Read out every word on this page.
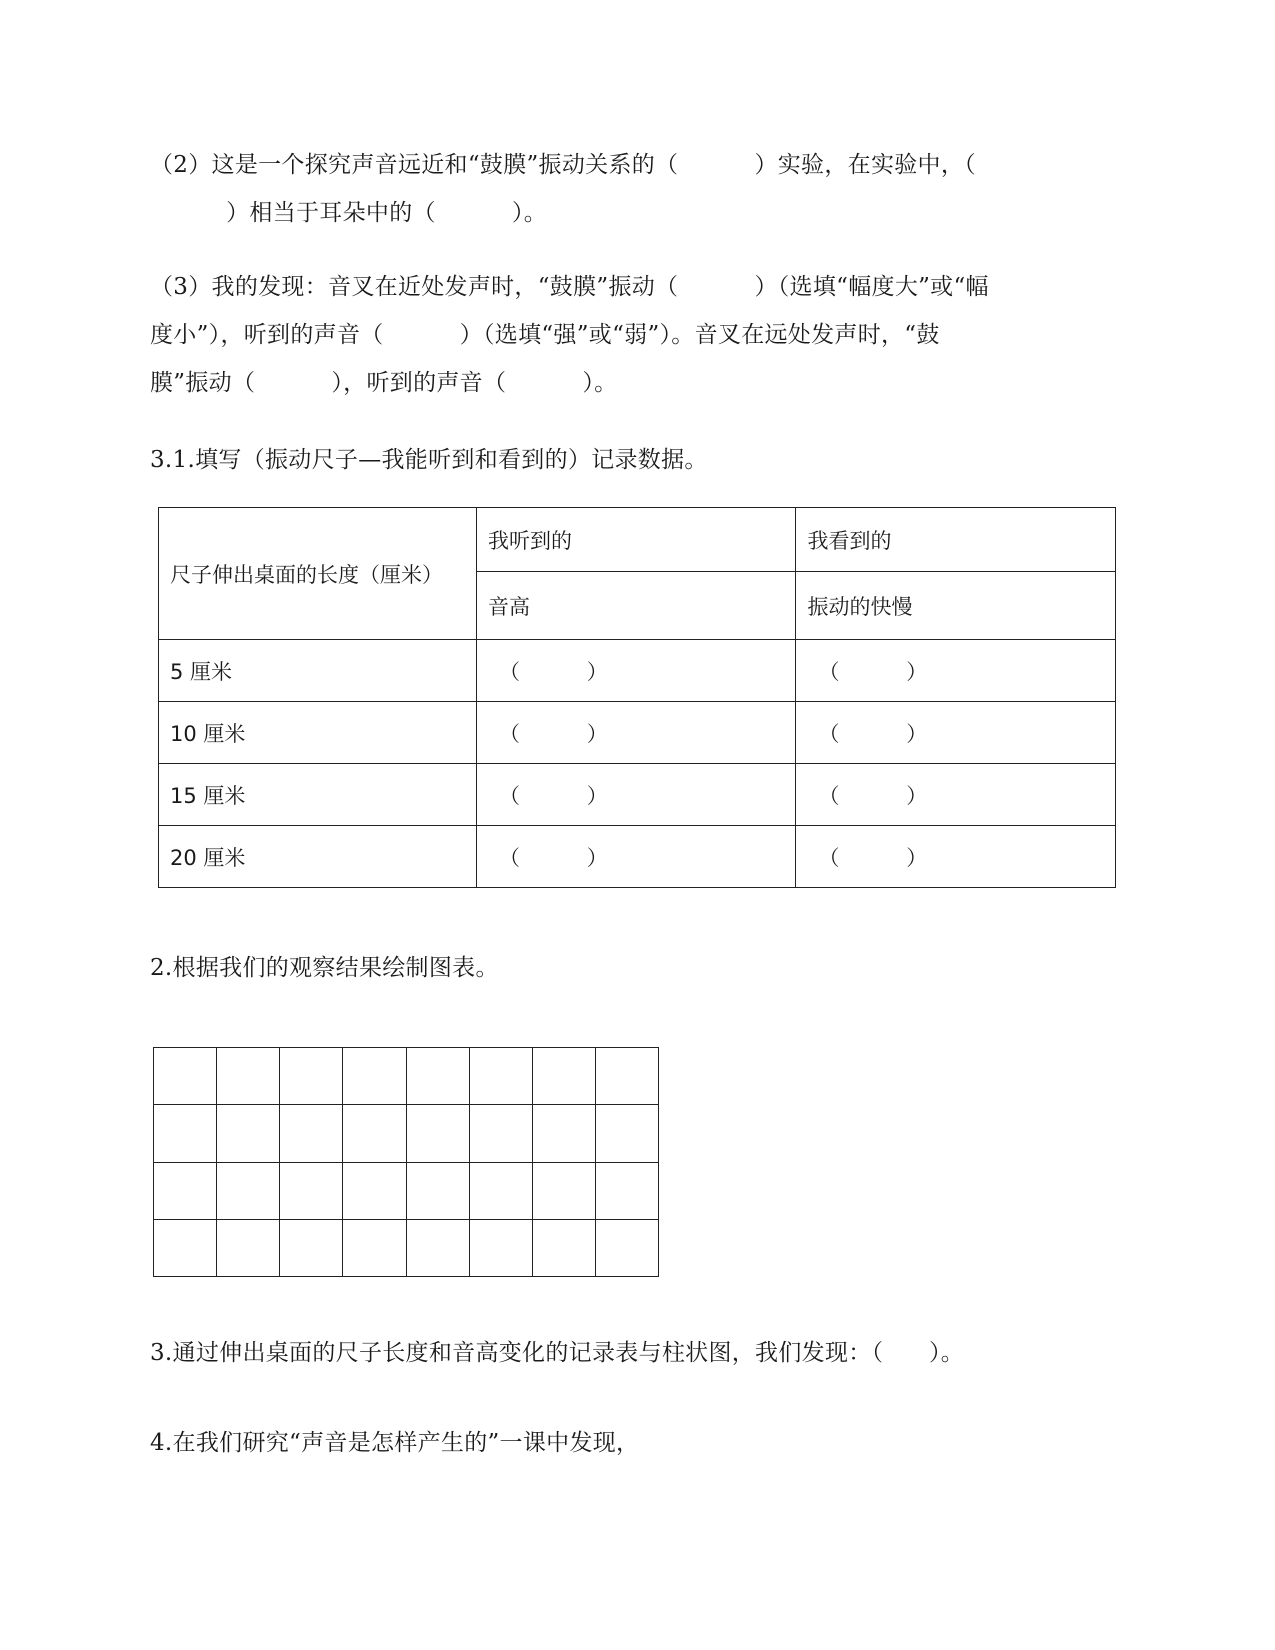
（2）这是一个探究声音远近和“鼓膜”振动关系的（          ）实验，在实验中，（
）相当于耳朵中的（          ）。
（3）我的发现：音叉在近处发声时，“鼓膜”振动（          ）（选填“幅度大”或“幅
度小”），听到的声音（          ）（选填“强”或“弱”）。音叉在远处发声时，“鼓
膜”振动（          ），听到的声音（          ）。
3.1.填写（振动尺子—我能听到和看到的）记录数据。
尺子伸出桌面的长度（厘米）	我听到的	我看到的
	音高	振动的快慢
5 厘米	（          ）	（          ）
10 厘米	（          ）	（          ）
15 厘米	（          ）	（          ）
20 厘米	（          ）	（          ）
2.根据我们的观察结果绘制图表。

3.通过伸出桌面的尺子长度和音高变化的记录表与柱状图，我们发现：（      ）。
4.在我们研究“声音是怎样产生的”一课中发现，
